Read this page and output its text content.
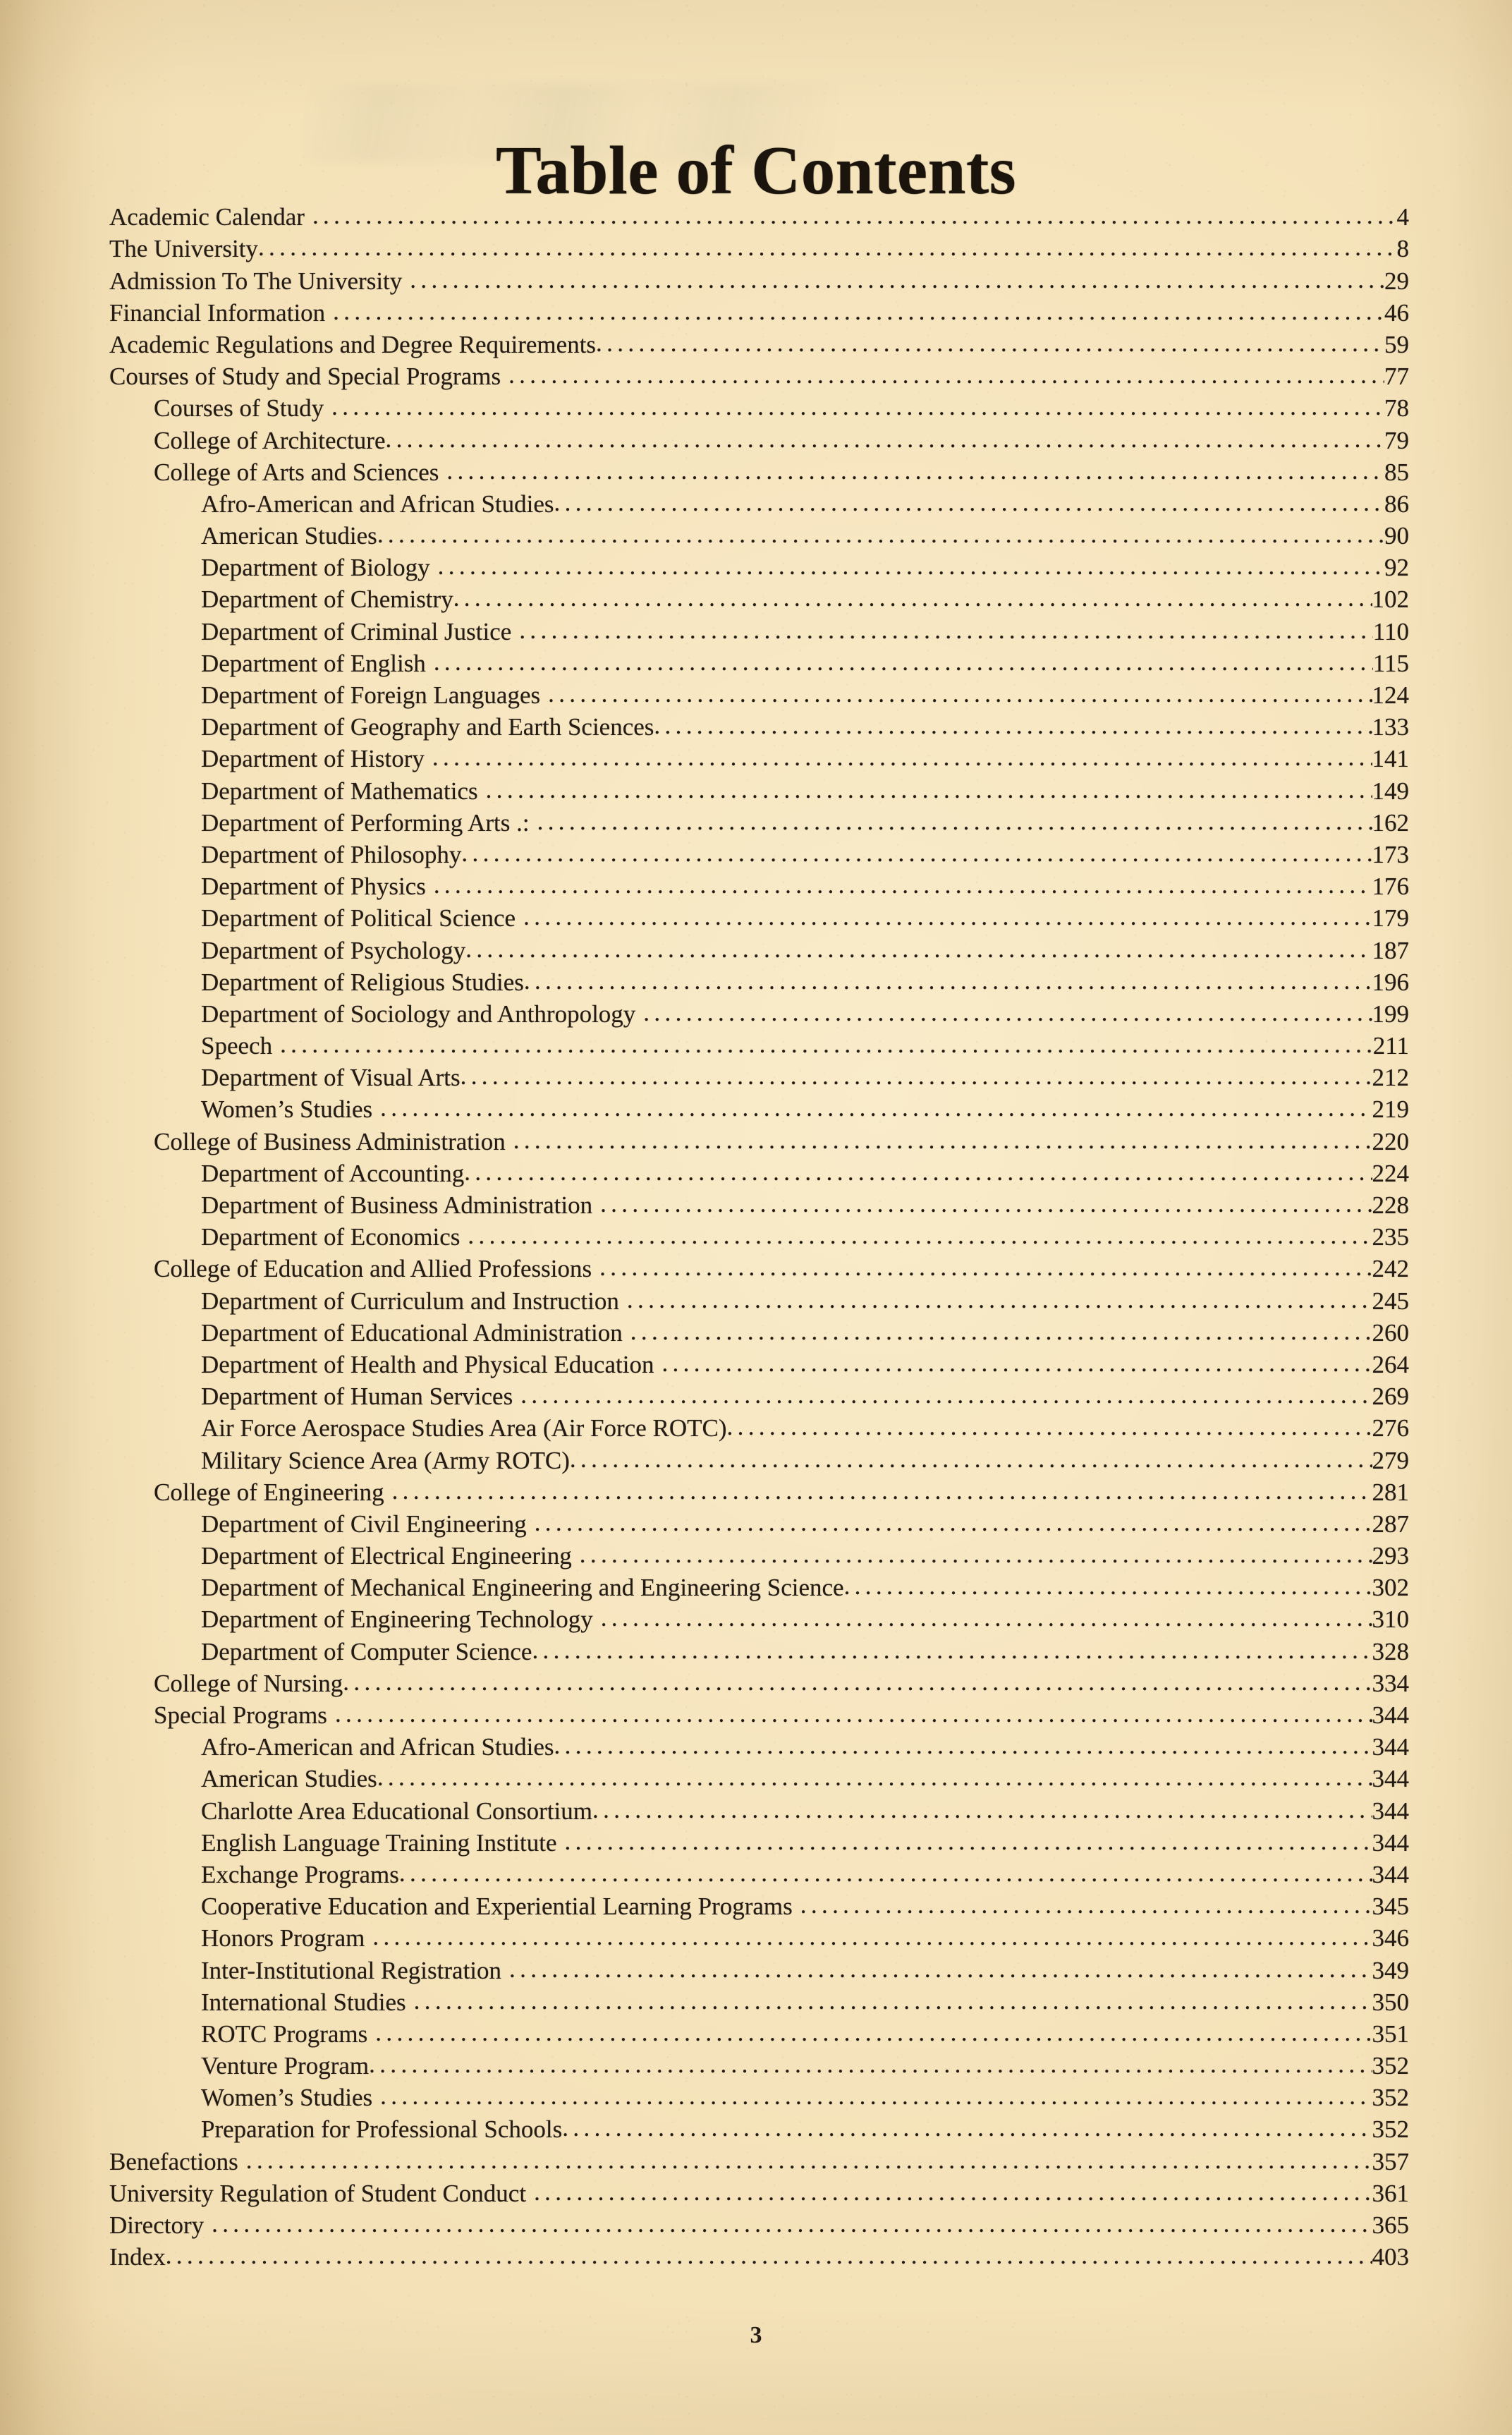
Table of Contents
Academic Calendar . . .	4
The University . . .	8
Admission To The University . . .	29
Financial Information . . .	46
Academic Regulations and Degree Requirements . . .	59
Courses of Study and Special Programs . . .	77
Courses of Study . . .	78
College of Architecture . . .	79
College of Arts and Sciences . . .	85
Afro-American and African Studies . . .	86
American Studies . . .	90
Department of Biology . . .	92
Department of Chemistry . . .	102
Department of Criminal Justice . . .	110
Department of English . . .	115
Department of Foreign Languages . . .	124
Department of Geography and Earth Sciences . . .	133
Department of History . . .	141
Department of Mathematics . . .	149
Department of Performing Arts .: . . .	162
Department of Philosophy . . .	173
Department of Physics . . .	176
Department of Political Science . . .	179
Department of Psychology . . .	187
Department of Religious Studies . . .	196
Department of Sociology and Anthropology . . .	199
Speech . . .	211
Department of Visual Arts . . .	212
Women’s Studies . . .	219
College of Business Administration . . .	220
Department of Accounting . . .	224
Department of Business Administration . . .	228
Department of Economics . . .	235
College of Education and Allied Professions . . .	242
Department of Curriculum and Instruction . . .	245
Department of Educational Administration . . .	260
Department of Health and Physical Education . . .	264
Department of Human Services . . .	269
Air Force Aerospace Studies Area (Air Force ROTC) . . .	276
Military Science Area (Army ROTC) . . .	279
College of Engineering . . .	281
Department of Civil Engineering . . .	287
Department of Electrical Engineering . . .	293
Department of Mechanical Engineering and Engineering Science . . .	302
Department of Engineering Technology . . .	310
Department of Computer Science . . .	328
College of Nursing . . .	334
Special Programs . . .	344
Afro-American and African Studies . . .	344
American Studies . . .	344
Charlotte Area Educational Consortium . . .	344
English Language Training Institute . . .	344
Exchange Programs . . .	344
Cooperative Education and Experiential Learning Programs . . .	345
Honors Program . . .	346
Inter-Institutional Registration . . .	349
International Studies . . .	350
ROTC Programs . . .	351
Venture Program . . .	352
Women’s Studies . . .	352
Preparation for Professional Schools . . .	352
Benefactions . . .	357
University Regulation of Student Conduct . . .	361
Directory . . .	365
Index . . .	403
3
